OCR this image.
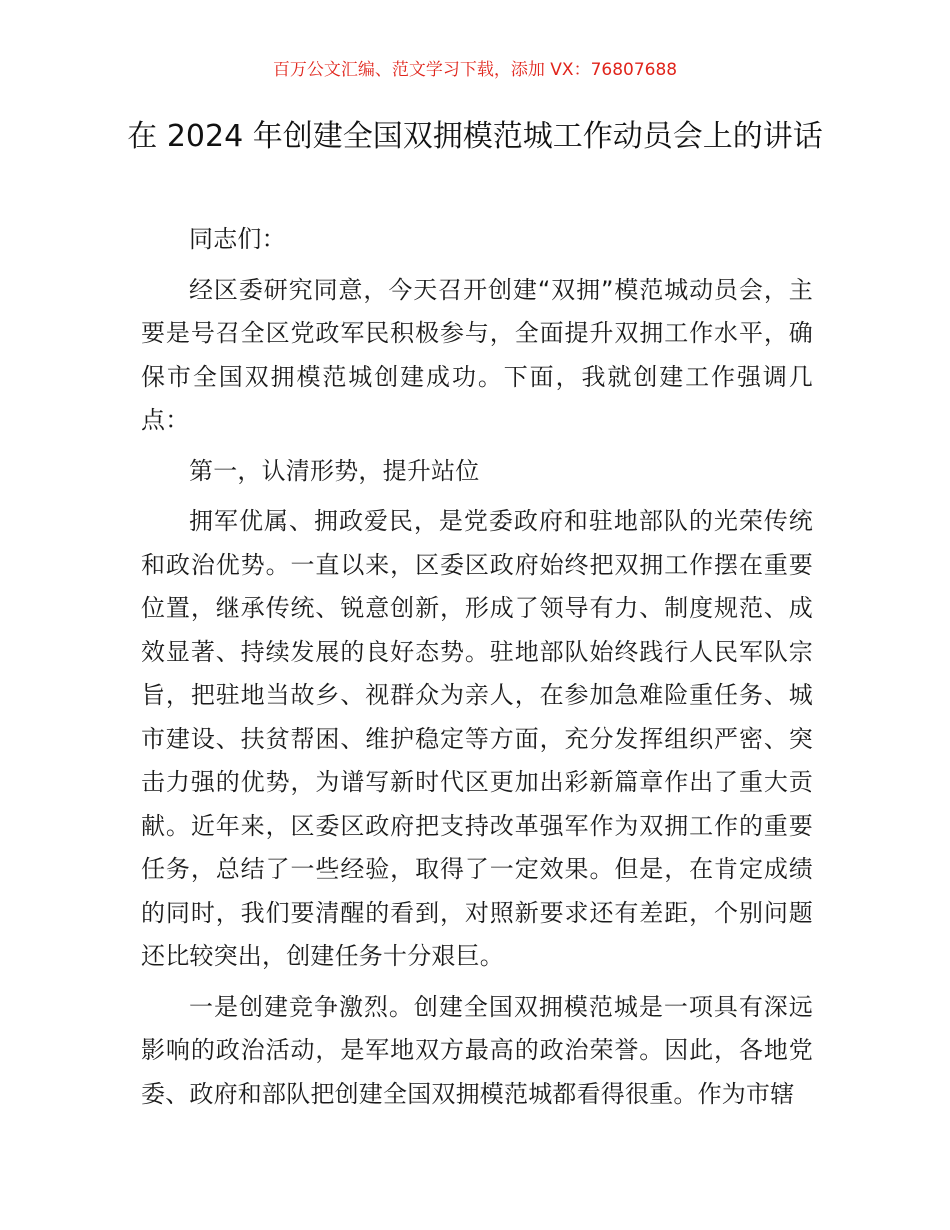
百万公文汇编、范文学习下载，添加 VX：76807688
在 2024 年创建全国双拥模范城工作动员会上的讲话

同志们：

经区委研究同意，今天召开创建“双拥”模范城动员会，主要是号召全区党政军民积极参与，全面提升双拥工作水平，确保市全国双拥模范城创建成功。下面，我就创建工作强调几点：

第一，认清形势，提升站位

拥军优属、拥政爱民，是党委政府和驻地部队的光荣传统和政治优势。一直以来，区委区政府始终把双拥工作摆在重要位置，继承传统、锐意创新，形成了领导有力、制度规范、成效显著、持续发展的良好态势。驻地部队始终践行人民军队宗旨，把驻地当故乡、视群众为亲人，在参加急难险重任务、城市建设、扶贫帮困、维护稳定等方面，充分发挥组织严密、突击力强的优势，为谱写新时代区更加出彩新篇章作出了重大贡献。近年来，区委区政府把支持改革强军作为双拥工作的重要任务，总结了一些经验，取得了一定效果。但是，在肯定成绩的同时，我们要清醒的看到，对照新要求还有差距，个别问题还比较突出，创建任务十分艰巨。

一是创建竞争激烈。创建全国双拥模范城是一项具有深远影响的政治活动，是军地双方最高的政治荣誉。因此，各地党委、政府和部队把创建全国双拥模范城都看得很重。作为市辖
